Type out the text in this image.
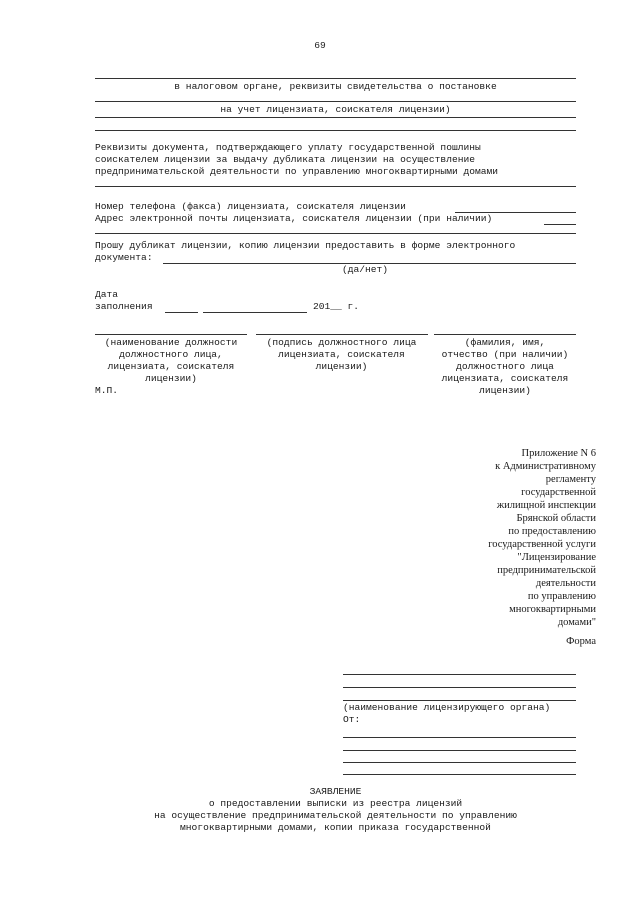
69
в налоговом органе, реквизиты свидетельства о постановке
на учет лицензиата, соискателя лицензии)
Реквизиты документа, подтверждающего уплату государственной пошлины
соискателем лицензии за выдачу дубликата лицензии на осуществление
предпринимательской деятельности по управлению многоквартирными домами
Номер телефона (факса) лицензиата, соискателя лицензии
Адрес электронной почты лицензиата, соискателя лицензии (при наличии)
Прошу дубликат лицензии, копию лицензии предоставить в форме электронного
документа:
(да/нет)
Дата
заполнения	201__ г.
(наименование должности
должностного лица,
лицензиата, соискателя
лицензии)
(подпись должностного лица
лицензиата, соискателя
лицензии)
(фамилия, имя,
отчество (при наличии)
должностного лица
лицензиата, соискателя
лицензии)
М.П.
Приложение N 6
к Административному
регламенту
государственной
жилищной инспекции
Брянской области
по предоставлению
государственной услуги
"Лицензирование
предпринимательской
деятельности
по управлению
многоквартирными
домами"
Форма
(наименование лицензирующего органа)
От:
ЗАЯВЛЕНИЕ
о предоставлении выписки из реестра лицензий
на осуществление предпринимательской деятельности по управлению
многоквартирными домами, копии приказа государственной
